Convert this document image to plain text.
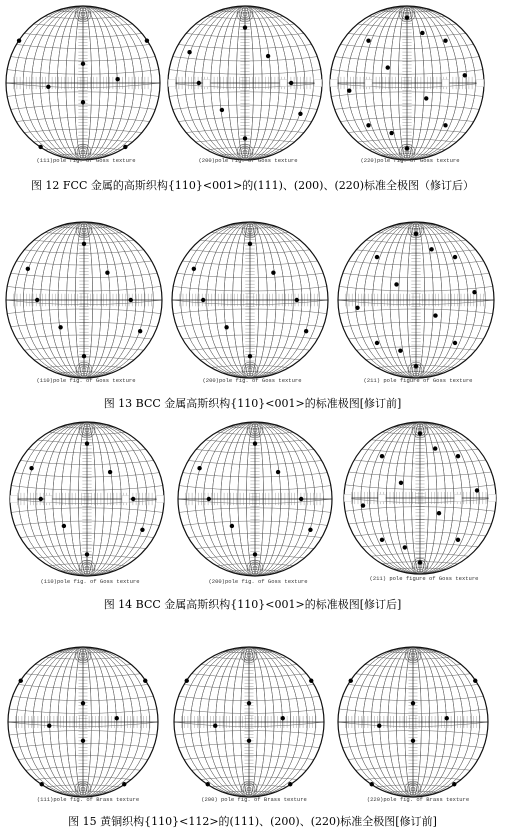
(111)pole fig. of Goss texture	(200)pole fig. of Goss texture	(220)pole fig. of Goss texture
图 12 FCC 金属的高斯织构{110}<001>的(111)、(200)、(220)标准全极图（修订后）
(110)pole fig. of Goss texture	(200)pole fig. of Goss texture	(211) pole figure of Goss texture
图 13 BCC 金属高斯织构{110}<001>的标准极图[修订前]
(110)pole fig. of Goss texture	(200)pole fig. of Goss texture	(211) pole figure of Goss texture
图 14 BCC 金属高斯织构{110}<001>的标准极图[修订后]
(111)pole fig. of Brass texture	(200) pole fig. of Brass texture	(220)pole fig. of Brass texture
图 15 黄铜织构{110}<112>的(111)、(200)、(220)标准全极图[修订前]
